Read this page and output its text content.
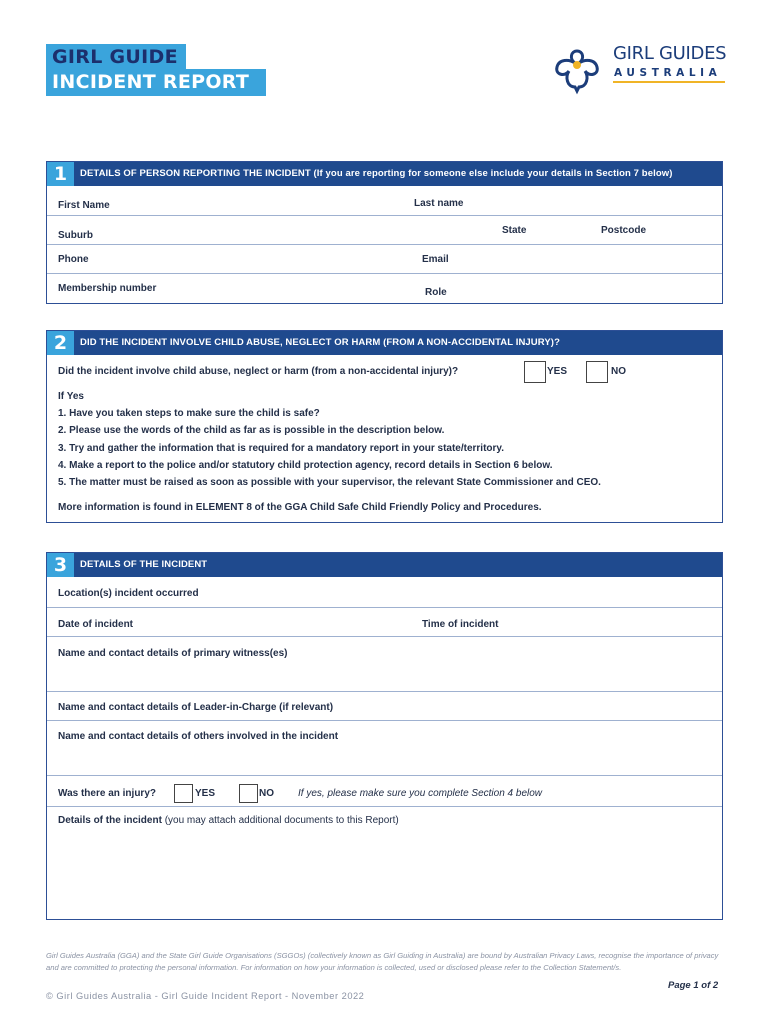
GIRL GUIDE
INCIDENT REPORT
GIRL GUIDES
AUSTRALIA
1	DETAILS OF PERSON REPORTING THE INCIDENT (If you are reporting for someone else include your details in Section 7 below)
First Name	Last name
Suburb	State	Postcode
Phone	Email
Membership number	Role
2	DID THE INCIDENT INVOLVE CHILD ABUSE, NEGLECT OR HARM (FROM A NON-ACCIDENTAL INJURY)?
Did the incident involve child abuse, neglect or harm (from a non-accidental injury)?	YES	NO
If Yes
1. Have you taken steps to make sure the child is safe?
2. Please use the words of the child as far as is possible in the description below.
3. Try and gather the information that is required for a mandatory report in your state/territory.
4. Make a report to the police and/or statutory child protection agency, record details in Section 6 below.
5. The matter must be raised as soon as possible with your supervisor, the relevant State Commissioner and CEO.
More information is found in ELEMENT 8 of the GGA Child Safe Child Friendly Policy and Procedures.
3	DETAILS OF THE INCIDENT
Location(s) incident occurred
Date of incident	Time of incident
Name and contact details of primary witness(es)
Name and contact details of Leader-in-Charge (if relevant)
Name and contact details of others involved in the incident
Was there an injury?	YES	NO If yes, please make sure you complete Section 4 below
Details of the incident (you may attach additional documents to this Report)
Girl Guides Australia (GGA) and the State Girl Guide Organisations (SGGOs) (collectively known as Girl Guiding in Australia) are bound by Australian Privacy Laws, recognise the importance of privacy and are committed to protecting the personal information. For information on how your information is collected, used or disclosed please refer to the Collection Statement/s.
Page 1 of 2
© Girl Guides Australia - Girl Guide Incident Report - November 2022
